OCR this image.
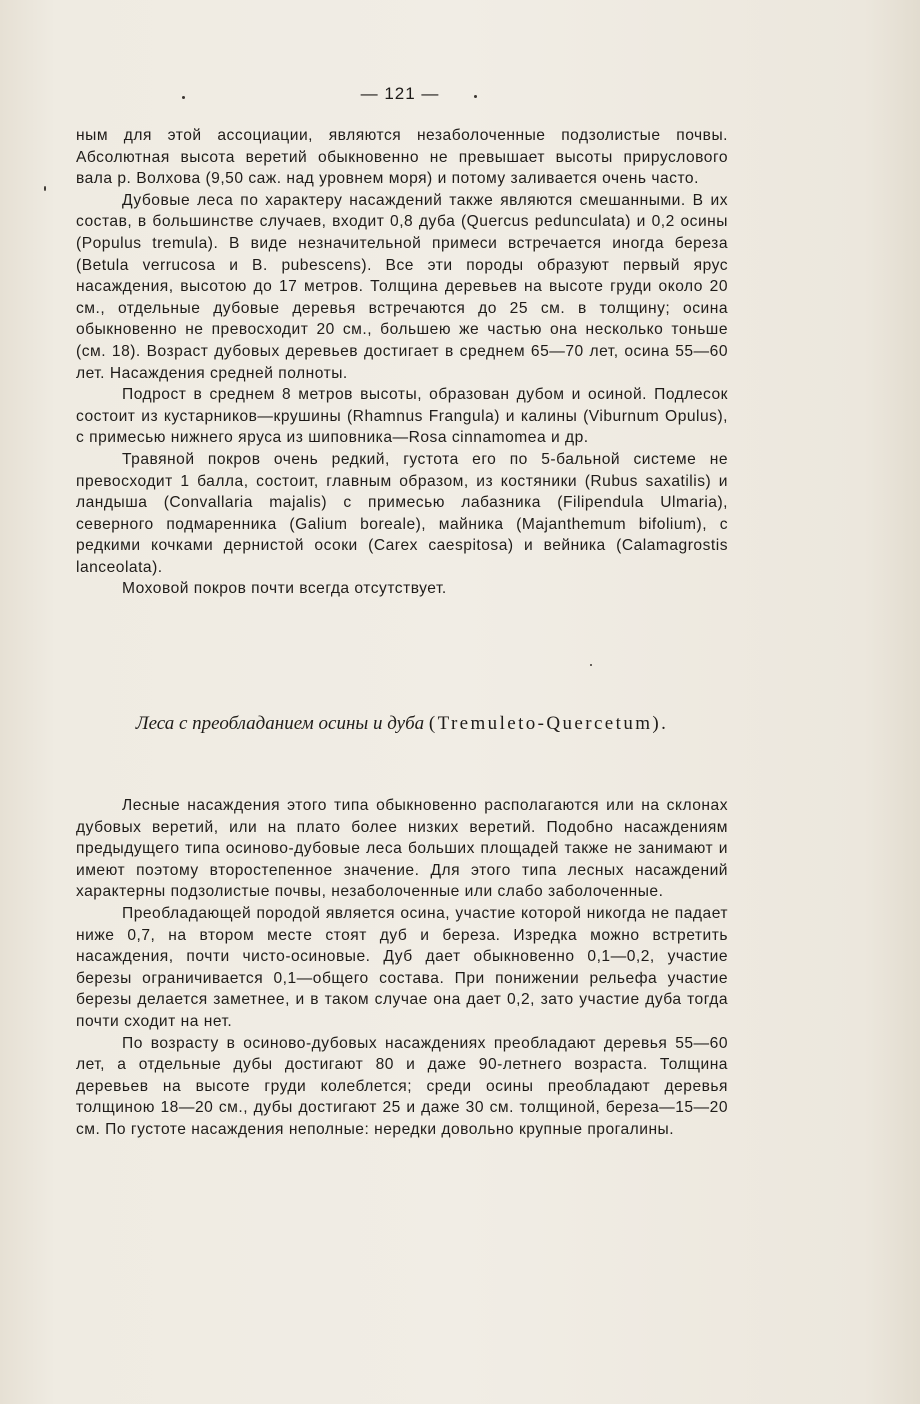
— 121 —

ным для этой ассоциации, являются незаболоченные подзолистые почвы. Абсолютная высота веретий обыкновенно не превышает высоты прируслового вала р. Волхова (9,50 саж. над уровнем моря) и потому заливается очень часто.

Дубовые леса по характеру насаждений также являются смешанными. В их состав, в большинстве случаев, входит 0,8 дуба (Quercus pedunculata) и 0,2 осины (Populus tremula). В виде незначительной примеси встречается иногда береза (Betula verrucosa и B. pubescens). Все эти породы образуют первый ярус насаждения, высотою до 17 метров. Толщина деревьев на высоте груди около 20 см., отдельные дубовые деревья встречаются до 25 см. в толщину; осина обыкновенно не превосходит 20 см., большею же частью она несколько тоньше (см. 18). Возраст дубовых деревьев достигает в среднем 65—70 лет, осина 55—60 лет. Насаждения средней полноты.

Подрост в среднем 8 метров высоты, образован дубом и осиной. Подлесок состоит из кустарников—крушины (Rhamnus Frangula) и калины (Viburnum Opulus), с примесью нижнего яруса из шиповника—Rosa cinnamomea и др.

Травяной покров очень редкий, густота его по 5-бальной системе не превосходит 1 балла, состоит, главным образом, из костяники (Rubus saxatilis) и ландыша (Convallaria majalis) с примесью лабазника (Filipendula Ulmaria), северного подмаренника (Galium boreale), майника (Majanthemum bifolium), с редкими кочками дернистой осоки (Carex caespitosa) и вейника (Calamagrostis lanceolata).

Моховой покров почти всегда отсутствует.

Леса с преобладанием осины и дуба (Tremuleto-Quercetum).

Лесные насаждения этого типа обыкновенно располагаются или на склонах дубовых веретий, или на плато более низких веретий. Подобно насаждениям предыдущего типа осиново-дубовые леса больших площадей также не занимают и имеют поэтому второстепенное значение. Для этого типа лесных насаждений характерны подзолистые почвы, незаболоченные или слабо заболоченные.

Преобладающей породой является осина, участие которой никогда не падает ниже 0,7, на втором месте стоят дуб и береза. Изредка можно встретить насаждения, почти чисто-осиновые. Дуб дает обыкновенно 0,1—0,2, участие березы ограничивается 0,1—общего состава. При понижении рельефа участие березы делается заметнее, и в таком случае она дает 0,2, зато участие дуба тогда почти сходит на нет.

По возрасту в осиново-дубовых насаждениях преобладают деревья 55—60 лет, а отдельные дубы достигают 80 и даже 90-летнего возраста. Толщина деревьев на высоте груди колеблется; среди осины преобладают деревья толщиною 18—20 см., дубы достигают 25 и даже 30 см. толщиной, береза—15—20 см. По густоте насаждения неполные: нередки довольно крупные прогалины.
